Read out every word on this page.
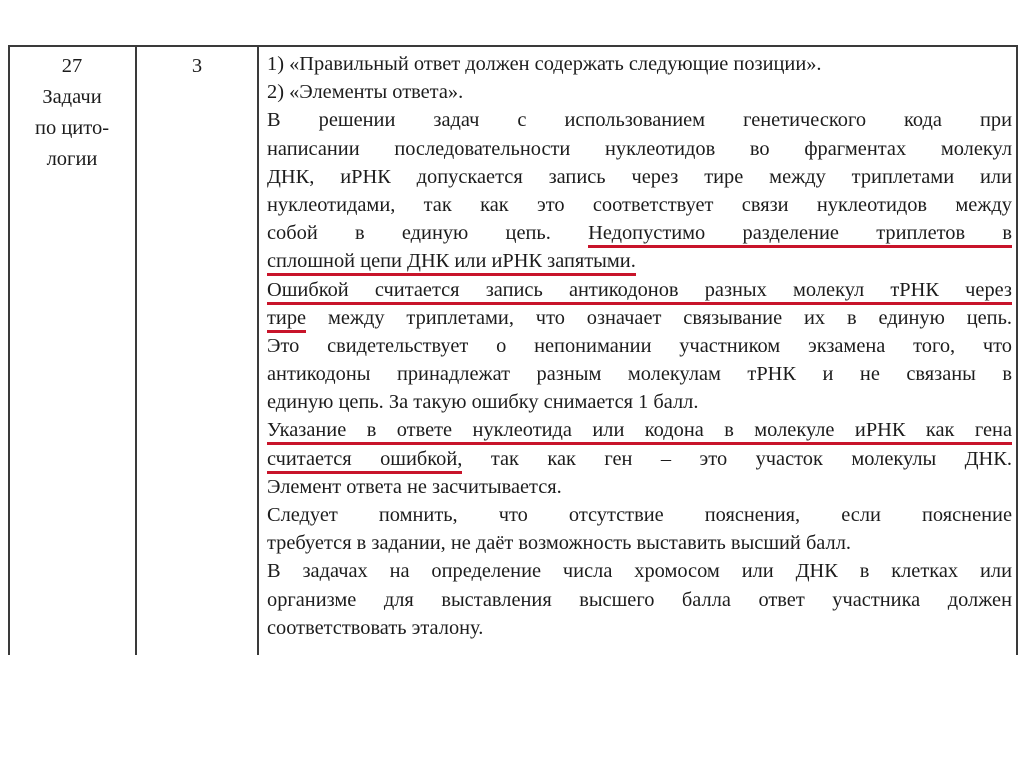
27
Задачи
по цито-
логии
3	1) «Правильный ответ должен содержать следующие позиции».
2) «Элементы ответа».
В решении задач с использованием генетического кода при
написании последовательности нуклеотидов во фрагментах молекул
ДНК, иРНК допускается запись через тире между триплетами или
нуклеотидами, так как это соответствует связи нуклеотидов между
собой в единую цепь. Недопустимо разделение триплетов в
сплошной цепи ДНК или иРНК запятыми.
Ошибкой считается запись антикодонов разных молекул тРНК через
тире между триплетами, что означает связывание их в единую цепь.
Это свидетельствует о непонимании участником экзамена того, что
антикодоны принадлежат разным молекулам тРНК и не связаны в
единую цепь. За такую ошибку снимается 1 балл.
Указание в ответе нуклеотида или кодона в молекуле иРНК как гена
считается ошибкой, так как ген – это участок молекулы ДНК.
Элемент ответа не засчитывается.
Следует помнить, что отсутствие пояснения, если пояснение
требуется в задании, не даёт возможность выставить высший балл.
В задачах на определение числа хромосом или ДНК в клетках или
организме для выставления высшего балла ответ участника должен
соответствовать эталону.
